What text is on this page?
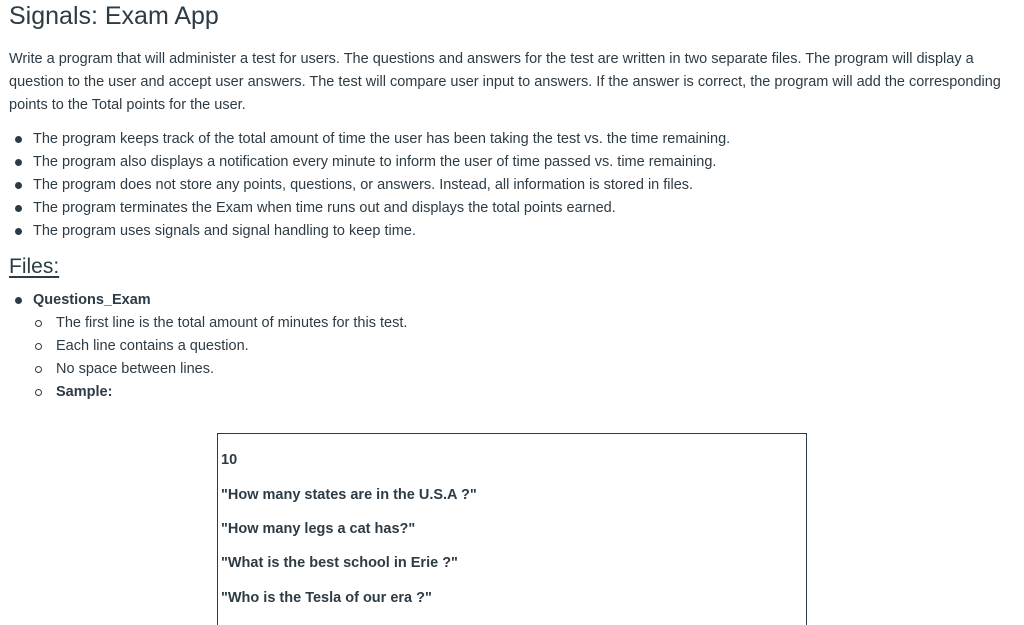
Signals: Exam App

Write a program that will administer a test for users. The questions and answers for the test are written in two separate files. The program will display a question to the user and accept user answers. The test will compare user input to answers. If the answer is correct, the program will add the corresponding points to the Total points for the user.

The program keeps track of the total amount of time the user has been taking the test vs. the time remaining.
The program also displays a notification every minute to inform the user of time passed vs. time remaining.
The program does not store any points, questions, or answers. Instead, all information is stored in files.
The program terminates the Exam when time runs out and displays the total points earned.
The program uses signals and signal handling to keep time.
Files:
Questions_Exam
The first line is the total amount of minutes for this test.
Each line contains a question.
No space between lines.
Sample:
10
"How many states are in the U.S.A ?"
"How many legs a cat has?"
"What is the best school in Erie ?"
"Who is the Tesla of our era ?"
